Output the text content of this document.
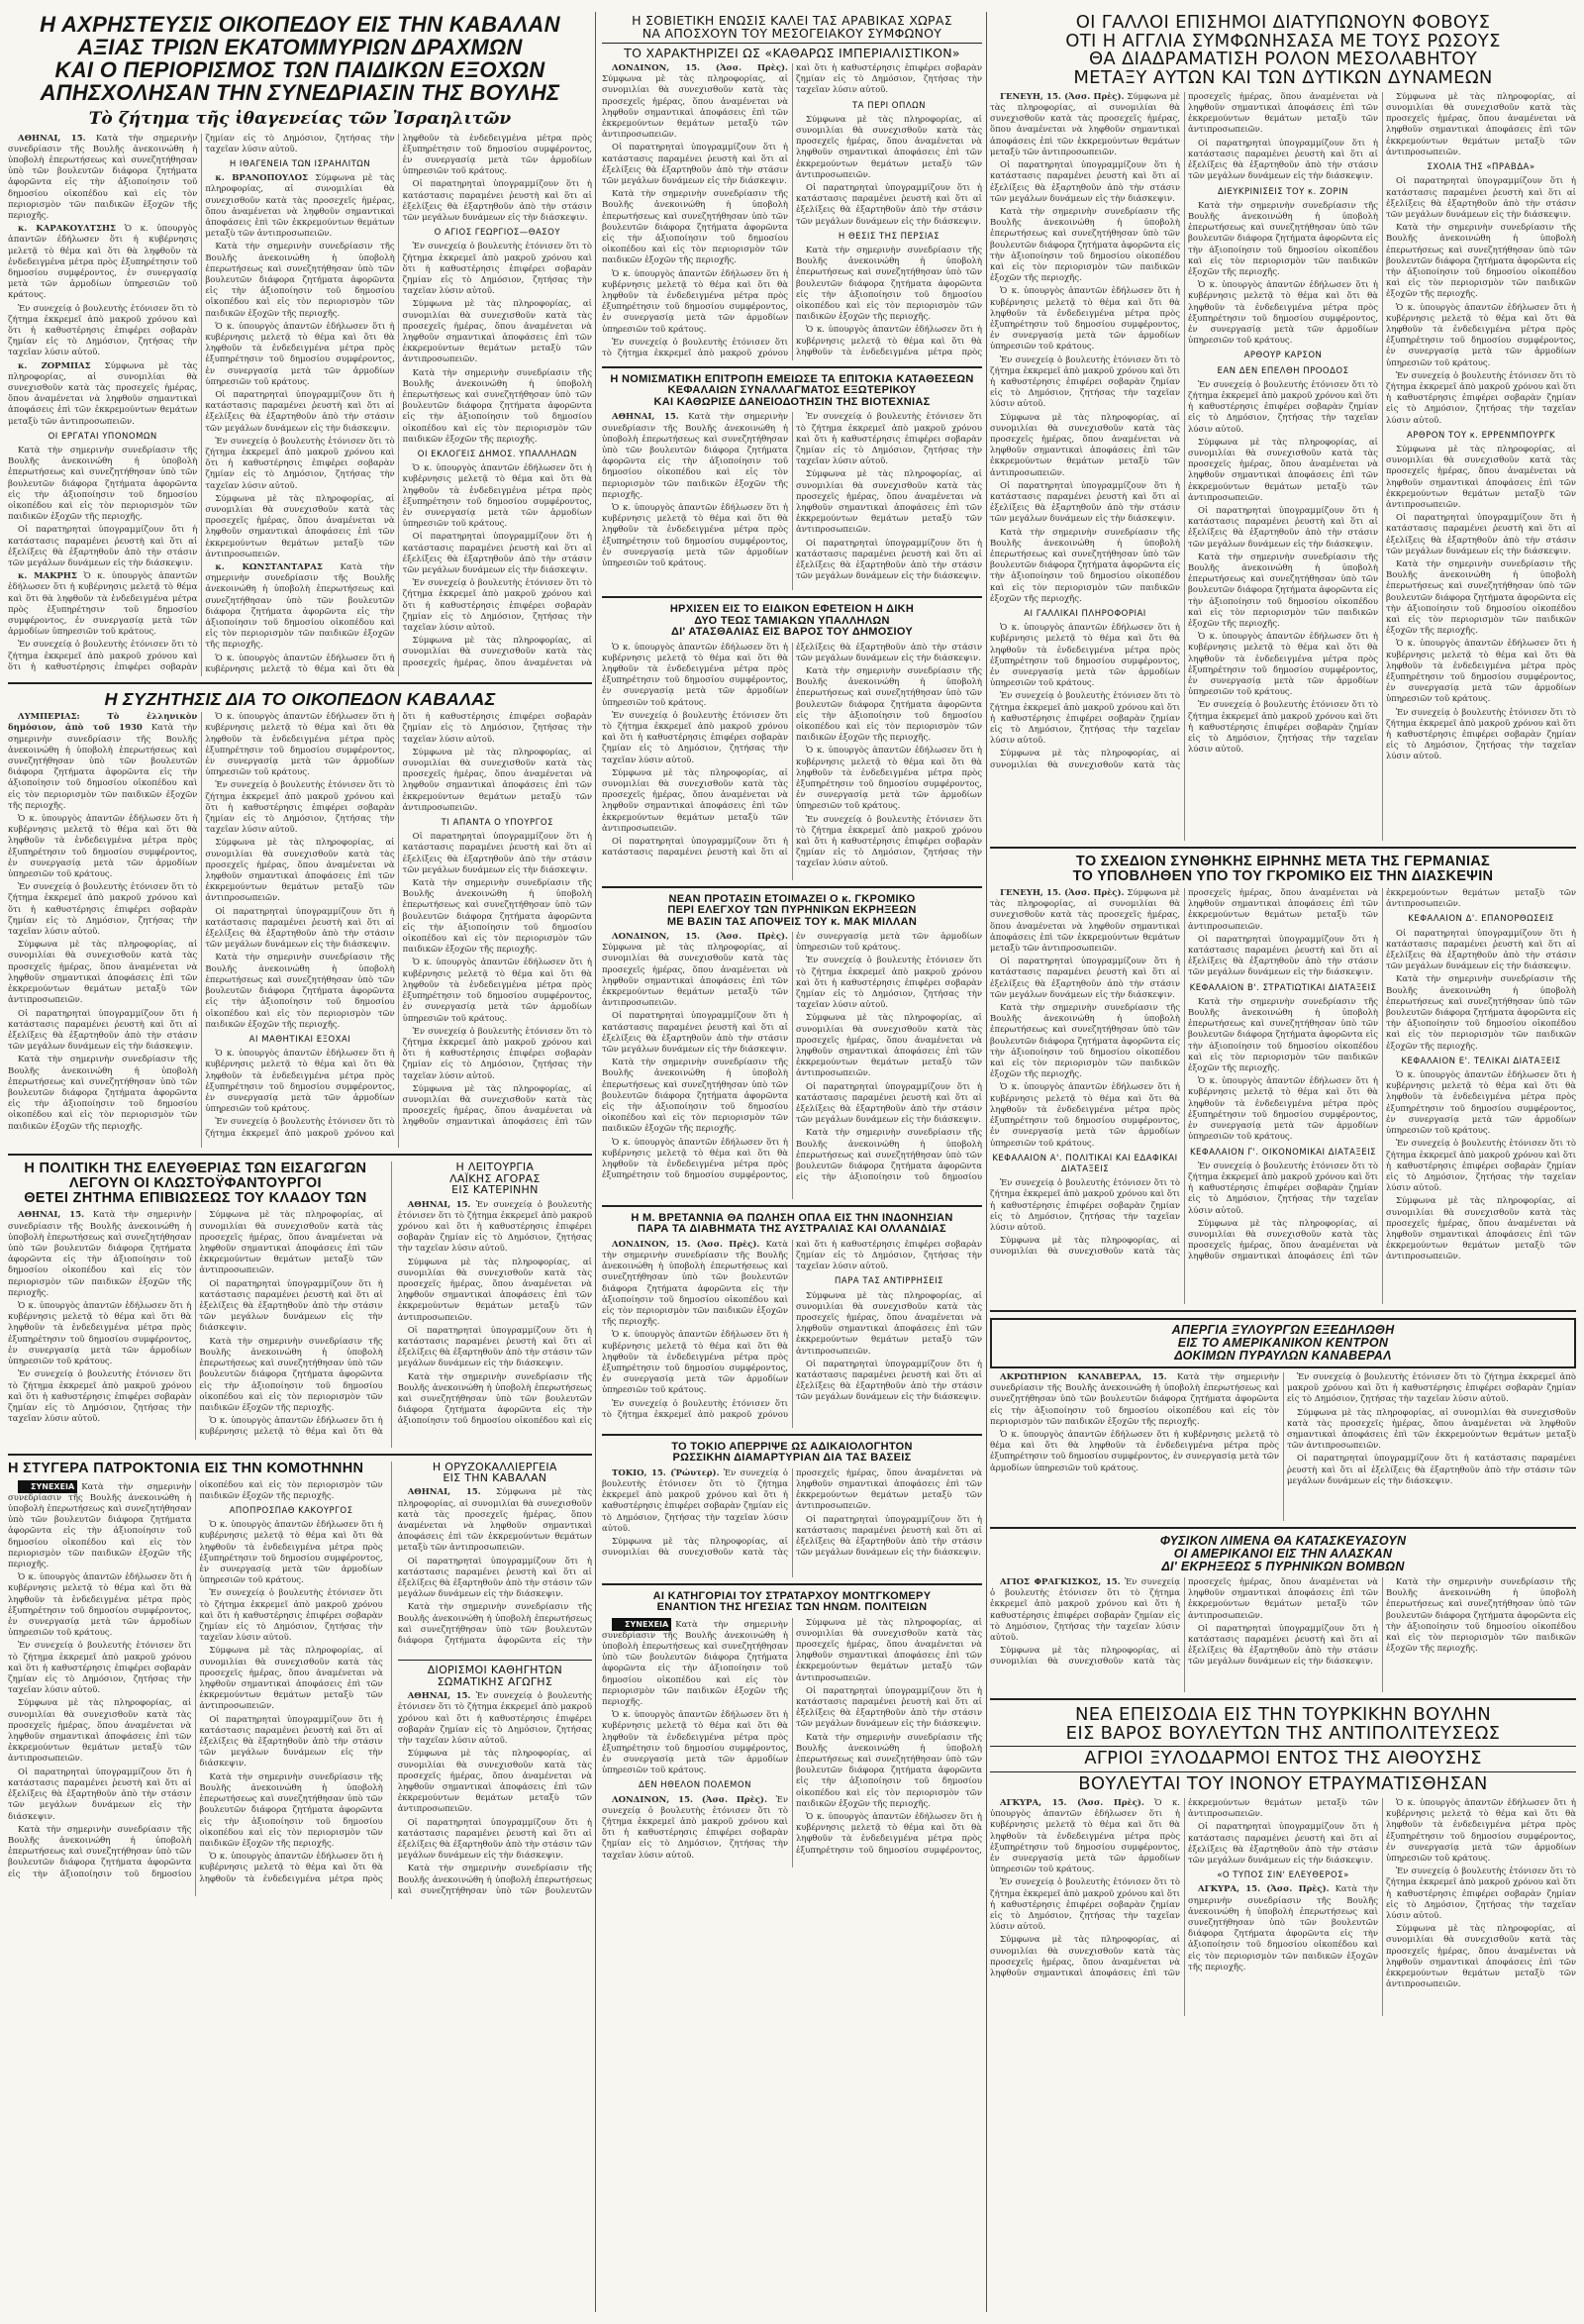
Η ΑΧΡΗΣΤΕΥΣΙΣ ΟΙΚΟΠΕΔΟΥ ΕΙΣ ΤΗΝ ΚΑΒΑΛΑΝ
ΑΞΙΑΣ ΤΡΙΩΝ ΕΚΑΤΟΜΜΥΡΙΩΝ ΔΡΑΧΜΩΝ
ΚΑΙ Ο ΠΕΡΙΟΡΙΣΜΟΣ ΤΩΝ ΠΑΙΔΙΚΩΝ ΕΞΟΧΩΝ
ΑΠΗΣΧΟΛΗΣΑΝ ΤΗΝ ΣΥΝΕΔΡΙΑΣΙΝ ΤΗΣ ΒΟΥΛΗΣ
Τὸ ζήτημα τῆς ἰθαγενείας τῶν Ἰσραηλιτῶν

ΑΘΗΝΑΙ, 15. Κατὰ τὴν σημερινὴν συνεδρίασιν τῆς Βουλῆς ἀνεκοινώθη ἡ ὑποβολὴ ἐπερωτήσεως καὶ συνεζητήθησαν ὑπὸ τῶν βουλευτῶν διάφορα ζητήματα ἀφορῶντα εἰς τὴν ἀξιοποίησιν τοῦ δημοσίου οἰκοπέδου καὶ εἰς τὸν περιορισμὸν τῶν παιδικῶν ἐξοχῶν τῆς περιοχῆς.

κ. ΚΑΡΑΚΟΥΛΤΣΗΣ Ὁ κ. ὑπουργὸς ἀπαντῶν ἐδήλωσεν ὅτι ἡ κυβέρνησις μελετᾷ τὸ θέμα καὶ ὅτι θὰ ληφθοῦν τὰ ἐνδεδειγμένα μέτρα πρὸς ἐξυπηρέτησιν τοῦ δημοσίου συμφέροντος, ἐν συνεργασίᾳ μετὰ τῶν ἁρμοδίων ὑπηρεσιῶν τοῦ κράτους.

Ἐν συνεχείᾳ ὁ βουλευτὴς ἐτόνισεν ὅτι τὸ ζήτημα ἐκκρεμεῖ ἀπὸ μακροῦ χρόνου καὶ ὅτι ἡ καθυστέρησις ἐπιφέρει σοβαρὰν ζημίαν εἰς τὸ Δημόσιον, ζητήσας τὴν ταχεῖαν λύσιν αὐτοῦ.

κ. ΖΟΡΜΠΑΣ Σύμφωνα μὲ τὰς πληροφορίας, αἱ συνομιλίαι θὰ συνεχισθοῦν κατὰ τὰς προσεχεῖς ἡμέρας, ὅπου ἀναμένεται νὰ ληφθοῦν σημαντικαὶ ἀποφάσεις ἐπὶ τῶν ἐκκρεμούντων θεμάτων μεταξὺ τῶν ἀντιπροσωπειῶν.

ΟΙ ΕΡΓΑΤΑΙ ΥΠΟΝΟΜΩΝ

Κατὰ τὴν σημερινὴν συνεδρίασιν τῆς Βουλῆς ἀνεκοινώθη ἡ ὑποβολὴ ἐπερωτήσεως καὶ συνεζητήθησαν ὑπὸ τῶν βουλευτῶν διάφορα ζητήματα ἀφορῶντα εἰς τὴν ἀξιοποίησιν τοῦ δημοσίου οἰκοπέδου καὶ εἰς τὸν περιορισμὸν τῶν παιδικῶν ἐξοχῶν τῆς περιοχῆς.

Οἱ παρατηρηταὶ ὑπογραμμίζουν ὅτι ἡ κατάστασις παραμένει ῥευστὴ καὶ ὅτι αἱ ἐξελίξεις θὰ ἐξαρτηθοῦν ἀπὸ τὴν στάσιν τῶν μεγάλων δυνάμεων εἰς τὴν διάσκεψιν.

κ. ΜΑΚΡΗΣ Ὁ κ. ὑπουργὸς ἀπαντῶν ἐδήλωσεν ὅτι ἡ κυβέρνησις μελετᾷ τὸ θέμα καὶ ὅτι θὰ ληφθοῦν τὰ ἐνδεδειγμένα μέτρα πρὸς ἐξυπηρέτησιν τοῦ δημοσίου συμφέροντος, ἐν συνεργασίᾳ μετὰ τῶν ἁρμοδίων ὑπηρεσιῶν τοῦ κράτους.

Ἐν συνεχείᾳ ὁ βουλευτὴς ἐτόνισεν ὅτι τὸ ζήτημα ἐκκρεμεῖ ἀπὸ μακροῦ χρόνου καὶ ὅτι ἡ καθυστέρησις ἐπιφέρει σοβαρὰν ζημίαν εἰς τὸ Δημόσιον, ζητήσας τὴν ταχεῖαν λύσιν αὐτοῦ.

Η ΙΘΑΓΕΝΕΙΑ ΤΩΝ ΙΣΡΑΗΛΙΤΩΝ

κ. ΒΡΑΝΟΠΟΥΛΟΣ Σύμφωνα μὲ τὰς πληροφορίας, αἱ συνομιλίαι θὰ συνεχισθοῦν κατὰ τὰς προσεχεῖς ἡμέρας, ὅπου ἀναμένεται νὰ ληφθοῦν σημαντικαὶ ἀποφάσεις ἐπὶ τῶν ἐκκρεμούντων θεμάτων μεταξὺ τῶν ἀντιπροσωπειῶν.

Κατὰ τὴν σημερινὴν συνεδρίασιν τῆς Βουλῆς ἀνεκοινώθη ἡ ὑποβολὴ ἐπερωτήσεως καὶ συνεζητήθησαν ὑπὸ τῶν βουλευτῶν διάφορα ζητήματα ἀφορῶντα εἰς τὴν ἀξιοποίησιν τοῦ δημοσίου οἰκοπέδου καὶ εἰς τὸν περιορισμὸν τῶν παιδικῶν ἐξοχῶν τῆς περιοχῆς.

Ὁ κ. ὑπουργὸς ἀπαντῶν ἐδήλωσεν ὅτι ἡ κυβέρνησις μελετᾷ τὸ θέμα καὶ ὅτι θὰ ληφθοῦν τὰ ἐνδεδειγμένα μέτρα πρὸς ἐξυπηρέτησιν τοῦ δημοσίου συμφέροντος, ἐν συνεργασίᾳ μετὰ τῶν ἁρμοδίων ὑπηρεσιῶν τοῦ κράτους.

Οἱ παρατηρηταὶ ὑπογραμμίζουν ὅτι ἡ κατάστασις παραμένει ῥευστὴ καὶ ὅτι αἱ ἐξελίξεις θὰ ἐξαρτηθοῦν ἀπὸ τὴν στάσιν τῶν μεγάλων δυνάμεων εἰς τὴν διάσκεψιν.

Ἐν συνεχείᾳ ὁ βουλευτὴς ἐτόνισεν ὅτι τὸ ζήτημα ἐκκρεμεῖ ἀπὸ μακροῦ χρόνου καὶ ὅτι ἡ καθυστέρησις ἐπιφέρει σοβαρὰν ζημίαν εἰς τὸ Δημόσιον, ζητήσας τὴν ταχεῖαν λύσιν αὐτοῦ.

Σύμφωνα μὲ τὰς πληροφορίας, αἱ συνομιλίαι θὰ συνεχισθοῦν κατὰ τὰς προσεχεῖς ἡμέρας, ὅπου ἀναμένεται νὰ ληφθοῦν σημαντικαὶ ἀποφάσεις ἐπὶ τῶν ἐκκρεμούντων θεμάτων μεταξὺ τῶν ἀντιπροσωπειῶν.

κ. ΚΩΝΣΤΑΝΤΑΡΑΣ Κατὰ τὴν σημερινὴν συνεδρίασιν τῆς Βουλῆς ἀνεκοινώθη ἡ ὑποβολὴ ἐπερωτήσεως καὶ συνεζητήθησαν ὑπὸ τῶν βουλευτῶν διάφορα ζητήματα ἀφορῶντα εἰς τὴν ἀξιοποίησιν τοῦ δημοσίου οἰκοπέδου καὶ εἰς τὸν περιορισμὸν τῶν παιδικῶν ἐξοχῶν τῆς περιοχῆς.

Ὁ κ. ὑπουργὸς ἀπαντῶν ἐδήλωσεν ὅτι ἡ κυβέρνησις μελετᾷ τὸ θέμα καὶ ὅτι θὰ ληφθοῦν τὰ ἐνδεδειγμένα μέτρα πρὸς ἐξυπηρέτησιν τοῦ δημοσίου συμφέροντος, ἐν συνεργασίᾳ μετὰ τῶν ἁρμοδίων ὑπηρεσιῶν τοῦ κράτους.

Οἱ παρατηρηταὶ ὑπογραμμίζουν ὅτι ἡ κατάστασις παραμένει ῥευστὴ καὶ ὅτι αἱ ἐξελίξεις θὰ ἐξαρτηθοῦν ἀπὸ τὴν στάσιν τῶν μεγάλων δυνάμεων εἰς τὴν διάσκεψιν.

Ο ΑΓΙΟΣ ΓΕΩΡΓΙΟΣ—ΘΑΣΟΥ

Ἐν συνεχείᾳ ὁ βουλευτὴς ἐτόνισεν ὅτι τὸ ζήτημα ἐκκρεμεῖ ἀπὸ μακροῦ χρόνου καὶ ὅτι ἡ καθυστέρησις ἐπιφέρει σοβαρὰν ζημίαν εἰς τὸ Δημόσιον, ζητήσας τὴν ταχεῖαν λύσιν αὐτοῦ.

Σύμφωνα μὲ τὰς πληροφορίας, αἱ συνομιλίαι θὰ συνεχισθοῦν κατὰ τὰς προσεχεῖς ἡμέρας, ὅπου ἀναμένεται νὰ ληφθοῦν σημαντικαὶ ἀποφάσεις ἐπὶ τῶν ἐκκρεμούντων θεμάτων μεταξὺ τῶν ἀντιπροσωπειῶν.

Κατὰ τὴν σημερινὴν συνεδρίασιν τῆς Βουλῆς ἀνεκοινώθη ἡ ὑποβολὴ ἐπερωτήσεως καὶ συνεζητήθησαν ὑπὸ τῶν βουλευτῶν διάφορα ζητήματα ἀφορῶντα εἰς τὴν ἀξιοποίησιν τοῦ δημοσίου οἰκοπέδου καὶ εἰς τὸν περιορισμὸν τῶν παιδικῶν ἐξοχῶν τῆς περιοχῆς.

ΟΙ ΕΚΛΟΓΕΙΣ ΔΗΜΟΣ. ΥΠΑΛΛΗΛΩΝ

Ὁ κ. ὑπουργὸς ἀπαντῶν ἐδήλωσεν ὅτι ἡ κυβέρνησις μελετᾷ τὸ θέμα καὶ ὅτι θὰ ληφθοῦν τὰ ἐνδεδειγμένα μέτρα πρὸς ἐξυπηρέτησιν τοῦ δημοσίου συμφέροντος, ἐν συνεργασίᾳ μετὰ τῶν ἁρμοδίων ὑπηρεσιῶν τοῦ κράτους.

Οἱ παρατηρηταὶ ὑπογραμμίζουν ὅτι ἡ κατάστασις παραμένει ῥευστὴ καὶ ὅτι αἱ ἐξελίξεις θὰ ἐξαρτηθοῦν ἀπὸ τὴν στάσιν τῶν μεγάλων δυνάμεων εἰς τὴν διάσκεψιν.

Ἐν συνεχείᾳ ὁ βουλευτὴς ἐτόνισεν ὅτι τὸ ζήτημα ἐκκρεμεῖ ἀπὸ μακροῦ χρόνου καὶ ὅτι ἡ καθυστέρησις ἐπιφέρει σοβαρὰν ζημίαν εἰς τὸ Δημόσιον, ζητήσας τὴν ταχεῖαν λύσιν αὐτοῦ.

Σύμφωνα μὲ τὰς πληροφορίας, αἱ συνομιλίαι θὰ συνεχισθοῦν κατὰ τὰς προσεχεῖς ἡμέρας, ὅπου ἀναμένεται νὰ

Η ΣΥΖΗΤΗΣΙΣ ΔΙΑ ΤΟ ΟΙΚΟΠΕΔΟΝ ΚΑΒΑΛΑΣ

ΛΥΜΠΕΡΙΑΣ: Τὸ ἑλληνικὸν δημόσιον, ἀπὸ τοῦ 1930 Κατὰ τὴν σημερινὴν συνεδρίασιν τῆς Βουλῆς ἀνεκοινώθη ἡ ὑποβολὴ ἐπερωτήσεως καὶ συνεζητήθησαν ὑπὸ τῶν βουλευτῶν διάφορα ζητήματα ἀφορῶντα εἰς τὴν ἀξιοποίησιν τοῦ δημοσίου οἰκοπέδου καὶ εἰς τὸν περιορισμὸν τῶν παιδικῶν ἐξοχῶν τῆς περιοχῆς.

Ὁ κ. ὑπουργὸς ἀπαντῶν ἐδήλωσεν ὅτι ἡ κυβέρνησις μελετᾷ τὸ θέμα καὶ ὅτι θὰ ληφθοῦν τὰ ἐνδεδειγμένα μέτρα πρὸς ἐξυπηρέτησιν τοῦ δημοσίου συμφέροντος, ἐν συνεργασίᾳ μετὰ τῶν ἁρμοδίων ὑπηρεσιῶν τοῦ κράτους.

Ἐν συνεχείᾳ ὁ βουλευτὴς ἐτόνισεν ὅτι τὸ ζήτημα ἐκκρεμεῖ ἀπὸ μακροῦ χρόνου καὶ ὅτι ἡ καθυστέρησις ἐπιφέρει σοβαρὰν ζημίαν εἰς τὸ Δημόσιον, ζητήσας τὴν ταχεῖαν λύσιν αὐτοῦ.

Σύμφωνα μὲ τὰς πληροφορίας, αἱ συνομιλίαι θὰ συνεχισθοῦν κατὰ τὰς προσεχεῖς ἡμέρας, ὅπου ἀναμένεται νὰ ληφθοῦν σημαντικαὶ ἀποφάσεις ἐπὶ τῶν ἐκκρεμούντων θεμάτων μεταξὺ τῶν ἀντιπροσωπειῶν.

Οἱ παρατηρηταὶ ὑπογραμμίζουν ὅτι ἡ κατάστασις παραμένει ῥευστὴ καὶ ὅτι αἱ ἐξελίξεις θὰ ἐξαρτηθοῦν ἀπὸ τὴν στάσιν τῶν μεγάλων δυνάμεων εἰς τὴν διάσκεψιν.

Κατὰ τὴν σημερινὴν συνεδρίασιν τῆς Βουλῆς ἀνεκοινώθη ἡ ὑποβολὴ ἐπερωτήσεως καὶ συνεζητήθησαν ὑπὸ τῶν βουλευτῶν διάφορα ζητήματα ἀφορῶντα εἰς τὴν ἀξιοποίησιν τοῦ δημοσίου οἰκοπέδου καὶ εἰς τὸν περιορισμὸν τῶν παιδικῶν ἐξοχῶν τῆς περιοχῆς.

Ὁ κ. ὑπουργὸς ἀπαντῶν ἐδήλωσεν ὅτι ἡ κυβέρνησις μελετᾷ τὸ θέμα καὶ ὅτι θὰ ληφθοῦν τὰ ἐνδεδειγμένα μέτρα πρὸς ἐξυπηρέτησιν τοῦ δημοσίου συμφέροντος, ἐν συνεργασίᾳ μετὰ τῶν ἁρμοδίων ὑπηρεσιῶν τοῦ κράτους.

Ἐν συνεχείᾳ ὁ βουλευτὴς ἐτόνισεν ὅτι τὸ ζήτημα ἐκκρεμεῖ ἀπὸ μακροῦ χρόνου καὶ ὅτι ἡ καθυστέρησις ἐπιφέρει σοβαρὰν ζημίαν εἰς τὸ Δημόσιον, ζητήσας τὴν ταχεῖαν λύσιν αὐτοῦ.

Σύμφωνα μὲ τὰς πληροφορίας, αἱ συνομιλίαι θὰ συνεχισθοῦν κατὰ τὰς προσεχεῖς ἡμέρας, ὅπου ἀναμένεται νὰ ληφθοῦν σημαντικαὶ ἀποφάσεις ἐπὶ τῶν ἐκκρεμούντων θεμάτων μεταξὺ τῶν ἀντιπροσωπειῶν.

Οἱ παρατηρηταὶ ὑπογραμμίζουν ὅτι ἡ κατάστασις παραμένει ῥευστὴ καὶ ὅτι αἱ ἐξελίξεις θὰ ἐξαρτηθοῦν ἀπὸ τὴν στάσιν τῶν μεγάλων δυνάμεων εἰς τὴν διάσκεψιν.

Κατὰ τὴν σημερινὴν συνεδρίασιν τῆς Βουλῆς ἀνεκοινώθη ἡ ὑποβολὴ ἐπερωτήσεως καὶ συνεζητήθησαν ὑπὸ τῶν βουλευτῶν διάφορα ζητήματα ἀφορῶντα εἰς τὴν ἀξιοποίησιν τοῦ δημοσίου οἰκοπέδου καὶ εἰς τὸν περιορισμὸν τῶν παιδικῶν ἐξοχῶν τῆς περιοχῆς.

ΑΙ ΜΑΘΗΤΙΚΑΙ ΕΞΟΧΑΙ

Ὁ κ. ὑπουργὸς ἀπαντῶν ἐδήλωσεν ὅτι ἡ κυβέρνησις μελετᾷ τὸ θέμα καὶ ὅτι θὰ ληφθοῦν τὰ ἐνδεδειγμένα μέτρα πρὸς ἐξυπηρέτησιν τοῦ δημοσίου συμφέροντος, ἐν συνεργασίᾳ μετὰ τῶν ἁρμοδίων ὑπηρεσιῶν τοῦ κράτους.

Ἐν συνεχείᾳ ὁ βουλευτὴς ἐτόνισεν ὅτι τὸ ζήτημα ἐκκρεμεῖ ἀπὸ μακροῦ χρόνου καὶ ὅτι ἡ καθυστέρησις ἐπιφέρει σοβαρὰν ζημίαν εἰς τὸ Δημόσιον, ζητήσας τὴν ταχεῖαν λύσιν αὐτοῦ.

Σύμφωνα μὲ τὰς πληροφορίας, αἱ συνομιλίαι θὰ συνεχισθοῦν κατὰ τὰς προσεχεῖς ἡμέρας, ὅπου ἀναμένεται νὰ ληφθοῦν σημαντικαὶ ἀποφάσεις ἐπὶ τῶν ἐκκρεμούντων θεμάτων μεταξὺ τῶν ἀντιπροσωπειῶν.

ΤΙ ΑΠΑΝΤΑ Ο ΥΠΟΥΡΓΟΣ

Οἱ παρατηρηταὶ ὑπογραμμίζουν ὅτι ἡ κατάστασις παραμένει ῥευστὴ καὶ ὅτι αἱ ἐξελίξεις θὰ ἐξαρτηθοῦν ἀπὸ τὴν στάσιν τῶν μεγάλων δυνάμεων εἰς τὴν διάσκεψιν.

Κατὰ τὴν σημερινὴν συνεδρίασιν τῆς Βουλῆς ἀνεκοινώθη ἡ ὑποβολὴ ἐπερωτήσεως καὶ συνεζητήθησαν ὑπὸ τῶν βουλευτῶν διάφορα ζητήματα ἀφορῶντα εἰς τὴν ἀξιοποίησιν τοῦ δημοσίου οἰκοπέδου καὶ εἰς τὸν περιορισμὸν τῶν παιδικῶν ἐξοχῶν τῆς περιοχῆς.

Ὁ κ. ὑπουργὸς ἀπαντῶν ἐδήλωσεν ὅτι ἡ κυβέρνησις μελετᾷ τὸ θέμα καὶ ὅτι θὰ ληφθοῦν τὰ ἐνδεδειγμένα μέτρα πρὸς ἐξυπηρέτησιν τοῦ δημοσίου συμφέροντος, ἐν συνεργασίᾳ μετὰ τῶν ἁρμοδίων ὑπηρεσιῶν τοῦ κράτους.

Ἐν συνεχείᾳ ὁ βουλευτὴς ἐτόνισεν ὅτι τὸ ζήτημα ἐκκρεμεῖ ἀπὸ μακροῦ χρόνου καὶ ὅτι ἡ καθυστέρησις ἐπιφέρει σοβαρὰν ζημίαν εἰς τὸ Δημόσιον, ζητήσας τὴν ταχεῖαν λύσιν αὐτοῦ.

Σύμφωνα μὲ τὰς πληροφορίας, αἱ συνομιλίαι θὰ συνεχισθοῦν κατὰ τὰς προσεχεῖς ἡμέρας, ὅπου ἀναμένεται νὰ ληφθοῦν σημαντικαὶ ἀποφάσεις ἐπὶ τῶν

Η ΠΟΛΙΤΙΚΗ ΤΗΣ ΕΛΕΥΘΕΡΙΑΣ ΤΩΝ ΕΙΣΑΓΩΓΩΝ
ΛΕΓΟΥΝ ΟΙ ΚΛΩΣΤΟΫΦΑΝΤΟΥΡΓΟΙ
ΘΕΤΕΙ ΖΗΤΗΜΑ ΕΠΙΒΙΩΣΕΩΣ ΤΟΥ ΚΛΑΔΟΥ ΤΩΝ

ΑΘΗΝΑΙ, 15. Κατὰ τὴν σημερινὴν συνεδρίασιν τῆς Βουλῆς ἀνεκοινώθη ἡ ὑποβολὴ ἐπερωτήσεως καὶ συνεζητήθησαν ὑπὸ τῶν βουλευτῶν διάφορα ζητήματα ἀφορῶντα εἰς τὴν ἀξιοποίησιν τοῦ δημοσίου οἰκοπέδου καὶ εἰς τὸν περιορισμὸν τῶν παιδικῶν ἐξοχῶν τῆς περιοχῆς.

Ὁ κ. ὑπουργὸς ἀπαντῶν ἐδήλωσεν ὅτι ἡ κυβέρνησις μελετᾷ τὸ θέμα καὶ ὅτι θὰ ληφθοῦν τὰ ἐνδεδειγμένα μέτρα πρὸς ἐξυπηρέτησιν τοῦ δημοσίου συμφέροντος, ἐν συνεργασίᾳ μετὰ τῶν ἁρμοδίων ὑπηρεσιῶν τοῦ κράτους.

Ἐν συνεχείᾳ ὁ βουλευτὴς ἐτόνισεν ὅτι τὸ ζήτημα ἐκκρεμεῖ ἀπὸ μακροῦ χρόνου καὶ ὅτι ἡ καθυστέρησις ἐπιφέρει σοβαρὰν ζημίαν εἰς τὸ Δημόσιον, ζητήσας τὴν ταχεῖαν λύσιν αὐτοῦ.

Σύμφωνα μὲ τὰς πληροφορίας, αἱ συνομιλίαι θὰ συνεχισθοῦν κατὰ τὰς προσεχεῖς ἡμέρας, ὅπου ἀναμένεται νὰ ληφθοῦν σημαντικαὶ ἀποφάσεις ἐπὶ τῶν ἐκκρεμούντων θεμάτων μεταξὺ τῶν ἀντιπροσωπειῶν.

Οἱ παρατηρηταὶ ὑπογραμμίζουν ὅτι ἡ κατάστασις παραμένει ῥευστὴ καὶ ὅτι αἱ ἐξελίξεις θὰ ἐξαρτηθοῦν ἀπὸ τὴν στάσιν τῶν μεγάλων δυνάμεων εἰς τὴν διάσκεψιν.

Κατὰ τὴν σημερινὴν συνεδρίασιν τῆς Βουλῆς ἀνεκοινώθη ἡ ὑποβολὴ ἐπερωτήσεως καὶ συνεζητήθησαν ὑπὸ τῶν βουλευτῶν διάφορα ζητήματα ἀφορῶντα εἰς τὴν ἀξιοποίησιν τοῦ δημοσίου οἰκοπέδου καὶ εἰς τὸν περιορισμὸν τῶν παιδικῶν ἐξοχῶν τῆς περιοχῆς.

Ὁ κ. ὑπουργὸς ἀπαντῶν ἐδήλωσεν ὅτι ἡ κυβέρνησις μελετᾷ τὸ θέμα καὶ ὅτι θὰ

Η ΛΕΙΤΟΥΡΓΙΑ
ΛΑΪΚΗΣ ΑΓΟΡΑΣ
ΕΙΣ ΚΑΤΕΡΙΝΗΝ

ΑΘΗΝΑΙ, 15. Ἐν συνεχείᾳ ὁ βουλευτὴς ἐτόνισεν ὅτι τὸ ζήτημα ἐκκρεμεῖ ἀπὸ μακροῦ χρόνου καὶ ὅτι ἡ καθυστέρησις ἐπιφέρει σοβαρὰν ζημίαν εἰς τὸ Δημόσιον, ζητήσας τὴν ταχεῖαν λύσιν αὐτοῦ.

Σύμφωνα μὲ τὰς πληροφορίας, αἱ συνομιλίαι θὰ συνεχισθοῦν κατὰ τὰς προσεχεῖς ἡμέρας, ὅπου ἀναμένεται νὰ ληφθοῦν σημαντικαὶ ἀποφάσεις ἐπὶ τῶν ἐκκρεμούντων θεμάτων μεταξὺ τῶν ἀντιπροσωπειῶν.

Οἱ παρατηρηταὶ ὑπογραμμίζουν ὅτι ἡ κατάστασις παραμένει ῥευστὴ καὶ ὅτι αἱ ἐξελίξεις θὰ ἐξαρτηθοῦν ἀπὸ τὴν στάσιν τῶν μεγάλων δυνάμεων εἰς τὴν διάσκεψιν.

Κατὰ τὴν σημερινὴν συνεδρίασιν τῆς Βουλῆς ἀνεκοινώθη ἡ ὑποβολὴ ἐπερωτήσεως καὶ συνεζητήθησαν ὑπὸ τῶν βουλευτῶν διάφορα ζητήματα ἀφορῶντα εἰς τὴν ἀξιοποίησιν τοῦ δημοσίου οἰκοπέδου καὶ εἰς

Η ΣΤΥΓΕΡΑ ΠΑΤΡΟΚΤΟΝΙΑ ΕΙΣ ΤΗΝ ΚΟΜΟΤΗΝΗΝ

ΣΥΝΕΧΕΙΑ Κατὰ τὴν σημερινὴν συνεδρίασιν τῆς Βουλῆς ἀνεκοινώθη ἡ ὑποβολὴ ἐπερωτήσεως καὶ συνεζητήθησαν ὑπὸ τῶν βουλευτῶν διάφορα ζητήματα ἀφορῶντα εἰς τὴν ἀξιοποίησιν τοῦ δημοσίου οἰκοπέδου καὶ εἰς τὸν περιορισμὸν τῶν παιδικῶν ἐξοχῶν τῆς περιοχῆς.

Ὁ κ. ὑπουργὸς ἀπαντῶν ἐδήλωσεν ὅτι ἡ κυβέρνησις μελετᾷ τὸ θέμα καὶ ὅτι θὰ ληφθοῦν τὰ ἐνδεδειγμένα μέτρα πρὸς ἐξυπηρέτησιν τοῦ δημοσίου συμφέροντος, ἐν συνεργασίᾳ μετὰ τῶν ἁρμοδίων ὑπηρεσιῶν τοῦ κράτους.

Ἐν συνεχείᾳ ὁ βουλευτὴς ἐτόνισεν ὅτι τὸ ζήτημα ἐκκρεμεῖ ἀπὸ μακροῦ χρόνου καὶ ὅτι ἡ καθυστέρησις ἐπιφέρει σοβαρὰν ζημίαν εἰς τὸ Δημόσιον, ζητήσας τὴν ταχεῖαν λύσιν αὐτοῦ.

Σύμφωνα μὲ τὰς πληροφορίας, αἱ συνομιλίαι θὰ συνεχισθοῦν κατὰ τὰς προσεχεῖς ἡμέρας, ὅπου ἀναμένεται νὰ ληφθοῦν σημαντικαὶ ἀποφάσεις ἐπὶ τῶν ἐκκρεμούντων θεμάτων μεταξὺ τῶν ἀντιπροσωπειῶν.

Οἱ παρατηρηταὶ ὑπογραμμίζουν ὅτι ἡ κατάστασις παραμένει ῥευστὴ καὶ ὅτι αἱ ἐξελίξεις θὰ ἐξαρτηθοῦν ἀπὸ τὴν στάσιν τῶν μεγάλων δυνάμεων εἰς τὴν διάσκεψιν.

Κατὰ τὴν σημερινὴν συνεδρίασιν τῆς Βουλῆς ἀνεκοινώθη ἡ ὑποβολὴ ἐπερωτήσεως καὶ συνεζητήθησαν ὑπὸ τῶν βουλευτῶν διάφορα ζητήματα ἀφορῶντα εἰς τὴν ἀξιοποίησιν τοῦ δημοσίου οἰκοπέδου καὶ εἰς τὸν περιορισμὸν τῶν παιδικῶν ἐξοχῶν τῆς περιοχῆς.

ΑΠΟΠΡΟΣΠΑΘ ΚΑΚΟΥΡΓΟΣ

Ὁ κ. ὑπουργὸς ἀπαντῶν ἐδήλωσεν ὅτι ἡ κυβέρνησις μελετᾷ τὸ θέμα καὶ ὅτι θὰ ληφθοῦν τὰ ἐνδεδειγμένα μέτρα πρὸς ἐξυπηρέτησιν τοῦ δημοσίου συμφέροντος, ἐν συνεργασίᾳ μετὰ τῶν ἁρμοδίων ὑπηρεσιῶν τοῦ κράτους.

Ἐν συνεχείᾳ ὁ βουλευτὴς ἐτόνισεν ὅτι τὸ ζήτημα ἐκκρεμεῖ ἀπὸ μακροῦ χρόνου καὶ ὅτι ἡ καθυστέρησις ἐπιφέρει σοβαρὰν ζημίαν εἰς τὸ Δημόσιον, ζητήσας τὴν ταχεῖαν λύσιν αὐτοῦ.

Σύμφωνα μὲ τὰς πληροφορίας, αἱ συνομιλίαι θὰ συνεχισθοῦν κατὰ τὰς προσεχεῖς ἡμέρας, ὅπου ἀναμένεται νὰ ληφθοῦν σημαντικαὶ ἀποφάσεις ἐπὶ τῶν ἐκκρεμούντων θεμάτων μεταξὺ τῶν ἀντιπροσωπειῶν.

Οἱ παρατηρηταὶ ὑπογραμμίζουν ὅτι ἡ κατάστασις παραμένει ῥευστὴ καὶ ὅτι αἱ ἐξελίξεις θὰ ἐξαρτηθοῦν ἀπὸ τὴν στάσιν τῶν μεγάλων δυνάμεων εἰς τὴν διάσκεψιν.

Κατὰ τὴν σημερινὴν συνεδρίασιν τῆς Βουλῆς ἀνεκοινώθη ἡ ὑποβολὴ ἐπερωτήσεως καὶ συνεζητήθησαν ὑπὸ τῶν βουλευτῶν διάφορα ζητήματα ἀφορῶντα εἰς τὴν ἀξιοποίησιν τοῦ δημοσίου οἰκοπέδου καὶ εἰς τὸν περιορισμὸν τῶν παιδικῶν ἐξοχῶν τῆς περιοχῆς.

Ὁ κ. ὑπουργὸς ἀπαντῶν ἐδήλωσεν ὅτι ἡ κυβέρνησις μελετᾷ τὸ θέμα καὶ ὅτι θὰ ληφθοῦν τὰ ἐνδεδειγμένα μέτρα πρὸς

Η ΟΡΥΖΟΚΑΛΛΙΕΡΓΕΙΑ
ΕΙΣ ΤΗΝ ΚΑΒΑΛΑΝ

ΑΘΗΝΑΙ, 15. Σύμφωνα μὲ τὰς πληροφορίας, αἱ συνομιλίαι θὰ συνεχισθοῦν κατὰ τὰς προσεχεῖς ἡμέρας, ὅπου ἀναμένεται νὰ ληφθοῦν σημαντικαὶ ἀποφάσεις ἐπὶ τῶν ἐκκρεμούντων θεμάτων μεταξὺ τῶν ἀντιπροσωπειῶν.

Οἱ παρατηρηταὶ ὑπογραμμίζουν ὅτι ἡ κατάστασις παραμένει ῥευστὴ καὶ ὅτι αἱ ἐξελίξεις θὰ ἐξαρτηθοῦν ἀπὸ τὴν στάσιν τῶν μεγάλων δυνάμεων εἰς τὴν διάσκεψιν.

Κατὰ τὴν σημερινὴν συνεδρίασιν τῆς Βουλῆς ἀνεκοινώθη ἡ ὑποβολὴ ἐπερωτήσεως καὶ συνεζητήθησαν ὑπὸ τῶν βουλευτῶν διάφορα ζητήματα ἀφορῶντα εἰς τὴν

ΔΙΟΡΙΣΜΟΙ ΚΑΘΗΓΗΤΩΝ
ΣΩΜΑΤΙΚΗΣ ΑΓΩΓΗΣ

ΑΘΗΝΑΙ, 15. Ἐν συνεχείᾳ ὁ βουλευτὴς ἐτόνισεν ὅτι τὸ ζήτημα ἐκκρεμεῖ ἀπὸ μακροῦ χρόνου καὶ ὅτι ἡ καθυστέρησις ἐπιφέρει σοβαρὰν ζημίαν εἰς τὸ Δημόσιον, ζητήσας τὴν ταχεῖαν λύσιν αὐτοῦ.

Σύμφωνα μὲ τὰς πληροφορίας, αἱ συνομιλίαι θὰ συνεχισθοῦν κατὰ τὰς προσεχεῖς ἡμέρας, ὅπου ἀναμένεται νὰ ληφθοῦν σημαντικαὶ ἀποφάσεις ἐπὶ τῶν ἐκκρεμούντων θεμάτων μεταξὺ τῶν ἀντιπροσωπειῶν.

Οἱ παρατηρηταὶ ὑπογραμμίζουν ὅτι ἡ κατάστασις παραμένει ῥευστὴ καὶ ὅτι αἱ ἐξελίξεις θὰ ἐξαρτηθοῦν ἀπὸ τὴν στάσιν τῶν μεγάλων δυνάμεων εἰς τὴν διάσκεψιν.

Κατὰ τὴν σημερινὴν συνεδρίασιν τῆς Βουλῆς ἀνεκοινώθη ἡ ὑποβολὴ ἐπερωτήσεως καὶ συνεζητήθησαν ὑπὸ τῶν βουλευτῶν

Η ΣΟΒΙΕΤΙΚΗ ΕΝΩΣΙΣ ΚΑΛΕΙ ΤΑΣ ΑΡΑΒΙΚΑΣ ΧΩΡΑΣ
ΝΑ ΑΠΟΣΧΟΥΝ ΤΟΥ ΜΕΣΟΓΕΙΑΚΟΥ ΣΥΜΦΩΝΟΥ
ΤΟ ΧΑΡΑΚΤΗΡΙΖΕΙ ΩΣ «ΚΑΘΑΡΩΣ ΙΜΠΕΡΙΑΛΙΣΤΙΚΟΝ»

ΛΟΝΔΙΝΟΝ, 15. (Ἀσσ. Πρὲς). Σύμφωνα μὲ τὰς πληροφορίας, αἱ συνομιλίαι θὰ συνεχισθοῦν κατὰ τὰς προσεχεῖς ἡμέρας, ὅπου ἀναμένεται νὰ ληφθοῦν σημαντικαὶ ἀποφάσεις ἐπὶ τῶν ἐκκρεμούντων θεμάτων μεταξὺ τῶν ἀντιπροσωπειῶν.

Οἱ παρατηρηταὶ ὑπογραμμίζουν ὅτι ἡ κατάστασις παραμένει ῥευστὴ καὶ ὅτι αἱ ἐξελίξεις θὰ ἐξαρτηθοῦν ἀπὸ τὴν στάσιν τῶν μεγάλων δυνάμεων εἰς τὴν διάσκεψιν.

Κατὰ τὴν σημερινὴν συνεδρίασιν τῆς Βουλῆς ἀνεκοινώθη ἡ ὑποβολὴ ἐπερωτήσεως καὶ συνεζητήθησαν ὑπὸ τῶν βουλευτῶν διάφορα ζητήματα ἀφορῶντα εἰς τὴν ἀξιοποίησιν τοῦ δημοσίου οἰκοπέδου καὶ εἰς τὸν περιορισμὸν τῶν παιδικῶν ἐξοχῶν τῆς περιοχῆς.

Ὁ κ. ὑπουργὸς ἀπαντῶν ἐδήλωσεν ὅτι ἡ κυβέρνησις μελετᾷ τὸ θέμα καὶ ὅτι θὰ ληφθοῦν τὰ ἐνδεδειγμένα μέτρα πρὸς ἐξυπηρέτησιν τοῦ δημοσίου συμφέροντος, ἐν συνεργασίᾳ μετὰ τῶν ἁρμοδίων ὑπηρεσιῶν τοῦ κράτους.

Ἐν συνεχείᾳ ὁ βουλευτὴς ἐτόνισεν ὅτι τὸ ζήτημα ἐκκρεμεῖ ἀπὸ μακροῦ χρόνου καὶ ὅτι ἡ καθυστέρησις ἐπιφέρει σοβαρὰν ζημίαν εἰς τὸ Δημόσιον, ζητήσας τὴν ταχεῖαν λύσιν αὐτοῦ.

ΤΑ ΠΕΡΙ ΟΠΛΩΝ

Σύμφωνα μὲ τὰς πληροφορίας, αἱ συνομιλίαι θὰ συνεχισθοῦν κατὰ τὰς προσεχεῖς ἡμέρας, ὅπου ἀναμένεται νὰ ληφθοῦν σημαντικαὶ ἀποφάσεις ἐπὶ τῶν ἐκκρεμούντων θεμάτων μεταξὺ τῶν ἀντιπροσωπειῶν.

Οἱ παρατηρηταὶ ὑπογραμμίζουν ὅτι ἡ κατάστασις παραμένει ῥευστὴ καὶ ὅτι αἱ ἐξελίξεις θὰ ἐξαρτηθοῦν ἀπὸ τὴν στάσιν τῶν μεγάλων δυνάμεων εἰς τὴν διάσκεψιν.

Η ΘΕΣΙΣ ΤΗΣ ΠΕΡΣΙΑΣ

Κατὰ τὴν σημερινὴν συνεδρίασιν τῆς Βουλῆς ἀνεκοινώθη ἡ ὑποβολὴ ἐπερωτήσεως καὶ συνεζητήθησαν ὑπὸ τῶν βουλευτῶν διάφορα ζητήματα ἀφορῶντα εἰς τὴν ἀξιοποίησιν τοῦ δημοσίου οἰκοπέδου καὶ εἰς τὸν περιορισμὸν τῶν παιδικῶν ἐξοχῶν τῆς περιοχῆς.

Ὁ κ. ὑπουργὸς ἀπαντῶν ἐδήλωσεν ὅτι ἡ κυβέρνησις μελετᾷ τὸ θέμα καὶ ὅτι θὰ ληφθοῦν τὰ ἐνδεδειγμένα μέτρα πρὸς

Η ΝΟΜΙΣΜΑΤΙΚΗ ΕΠΙΤΡΟΠΗ ΕΜΕΙΩΣΕ ΤΑ ΕΠΙΤΟΚΙΑ ΚΑΤΑΘΕΣΕΩΝ
ΚΕΦΑΛΑΙΩΝ ΣΥΝΑΛΛΑΓΜΑΤΟΣ ΕΞΩΤΕΡΙΚΟΥ
ΚΑΙ ΚΑΘΩΡΙΣΕ ΔΑΝΕΙΟΔΟΤΗΣΙΝ ΤΗΣ ΒΙΟΤΕΧΝΙΑΣ

ΑΘΗΝΑΙ, 15. Κατὰ τὴν σημερινὴν συνεδρίασιν τῆς Βουλῆς ἀνεκοινώθη ἡ ὑποβολὴ ἐπερωτήσεως καὶ συνεζητήθησαν ὑπὸ τῶν βουλευτῶν διάφορα ζητήματα ἀφορῶντα εἰς τὴν ἀξιοποίησιν τοῦ δημοσίου οἰκοπέδου καὶ εἰς τὸν περιορισμὸν τῶν παιδικῶν ἐξοχῶν τῆς περιοχῆς.

Ὁ κ. ὑπουργὸς ἀπαντῶν ἐδήλωσεν ὅτι ἡ κυβέρνησις μελετᾷ τὸ θέμα καὶ ὅτι θὰ ληφθοῦν τὰ ἐνδεδειγμένα μέτρα πρὸς ἐξυπηρέτησιν τοῦ δημοσίου συμφέροντος, ἐν συνεργασίᾳ μετὰ τῶν ἁρμοδίων ὑπηρεσιῶν τοῦ κράτους.

Ἐν συνεχείᾳ ὁ βουλευτὴς ἐτόνισεν ὅτι τὸ ζήτημα ἐκκρεμεῖ ἀπὸ μακροῦ χρόνου καὶ ὅτι ἡ καθυστέρησις ἐπιφέρει σοβαρὰν ζημίαν εἰς τὸ Δημόσιον, ζητήσας τὴν ταχεῖαν λύσιν αὐτοῦ.

Σύμφωνα μὲ τὰς πληροφορίας, αἱ συνομιλίαι θὰ συνεχισθοῦν κατὰ τὰς προσεχεῖς ἡμέρας, ὅπου ἀναμένεται νὰ ληφθοῦν σημαντικαὶ ἀποφάσεις ἐπὶ τῶν ἐκκρεμούντων θεμάτων μεταξὺ τῶν ἀντιπροσωπειῶν.

Οἱ παρατηρηταὶ ὑπογραμμίζουν ὅτι ἡ κατάστασις παραμένει ῥευστὴ καὶ ὅτι αἱ ἐξελίξεις θὰ ἐξαρτηθοῦν ἀπὸ τὴν στάσιν τῶν μεγάλων δυνάμεων εἰς τὴν διάσκεψιν.

ΗΡΧΙΣΕΝ ΕΙΣ ΤΟ ΕΙΔΙΚΟΝ ΕΦΕΤΕΙΟΝ Η ΔΙΚΗ
ΔΥΟ ΤΕΩΣ ΤΑΜΙΑΚΩΝ ΥΠΑΛΛΗΛΩΝ
ΔΙ' ΑΤΑΣΘΑΛΙΑΣ ΕΙΣ ΒΑΡΟΣ ΤΟΥ ΔΗΜΟΣΙΟΥ

Ὁ κ. ὑπουργὸς ἀπαντῶν ἐδήλωσεν ὅτι ἡ κυβέρνησις μελετᾷ τὸ θέμα καὶ ὅτι θὰ ληφθοῦν τὰ ἐνδεδειγμένα μέτρα πρὸς ἐξυπηρέτησιν τοῦ δημοσίου συμφέροντος, ἐν συνεργασίᾳ μετὰ τῶν ἁρμοδίων ὑπηρεσιῶν τοῦ κράτους.

Ἐν συνεχείᾳ ὁ βουλευτὴς ἐτόνισεν ὅτι τὸ ζήτημα ἐκκρεμεῖ ἀπὸ μακροῦ χρόνου καὶ ὅτι ἡ καθυστέρησις ἐπιφέρει σοβαρὰν ζημίαν εἰς τὸ Δημόσιον, ζητήσας τὴν ταχεῖαν λύσιν αὐτοῦ.

Σύμφωνα μὲ τὰς πληροφορίας, αἱ συνομιλίαι θὰ συνεχισθοῦν κατὰ τὰς προσεχεῖς ἡμέρας, ὅπου ἀναμένεται νὰ ληφθοῦν σημαντικαὶ ἀποφάσεις ἐπὶ τῶν ἐκκρεμούντων θεμάτων μεταξὺ τῶν ἀντιπροσωπειῶν.

Οἱ παρατηρηταὶ ὑπογραμμίζουν ὅτι ἡ κατάστασις παραμένει ῥευστὴ καὶ ὅτι αἱ ἐξελίξεις θὰ ἐξαρτηθοῦν ἀπὸ τὴν στάσιν τῶν μεγάλων δυνάμεων εἰς τὴν διάσκεψιν.

Κατὰ τὴν σημερινὴν συνεδρίασιν τῆς Βουλῆς ἀνεκοινώθη ἡ ὑποβολὴ ἐπερωτήσεως καὶ συνεζητήθησαν ὑπὸ τῶν βουλευτῶν διάφορα ζητήματα ἀφορῶντα εἰς τὴν ἀξιοποίησιν τοῦ δημοσίου οἰκοπέδου καὶ εἰς τὸν περιορισμὸν τῶν παιδικῶν ἐξοχῶν τῆς περιοχῆς.

Ὁ κ. ὑπουργὸς ἀπαντῶν ἐδήλωσεν ὅτι ἡ κυβέρνησις μελετᾷ τὸ θέμα καὶ ὅτι θὰ ληφθοῦν τὰ ἐνδεδειγμένα μέτρα πρὸς ἐξυπηρέτησιν τοῦ δημοσίου συμφέροντος, ἐν συνεργασίᾳ μετὰ τῶν ἁρμοδίων ὑπηρεσιῶν τοῦ κράτους.

Ἐν συνεχείᾳ ὁ βουλευτὴς ἐτόνισεν ὅτι τὸ ζήτημα ἐκκρεμεῖ ἀπὸ μακροῦ χρόνου καὶ ὅτι ἡ καθυστέρησις ἐπιφέρει σοβαρὰν ζημίαν εἰς τὸ Δημόσιον, ζητήσας τὴν ταχεῖαν λύσιν αὐτοῦ.

ΝΕΑΝ ΠΡΟΤΑΣΙΝ ΕΤΟΙΜΑΖΕΙ Ο κ. ΓΚΡΟΜΙΚΟ
ΠΕΡΙ ΕΛΕΓΧΟΥ ΤΩΝ ΠΥΡΗΝΙΚΩΝ ΕΚΡΗΞΕΩΝ
ΜΕ ΒΑΣΙΝ ΤΑΣ ΑΠΟΨΕΙΣ ΤΟΥ κ. ΜΑΚ ΜΙΛΛΑΝ

ΛΟΝΔΙΝΟΝ, 15. (Ἀσσ. Πρὲς). Σύμφωνα μὲ τὰς πληροφορίας, αἱ συνομιλίαι θὰ συνεχισθοῦν κατὰ τὰς προσεχεῖς ἡμέρας, ὅπου ἀναμένεται νὰ ληφθοῦν σημαντικαὶ ἀποφάσεις ἐπὶ τῶν ἐκκρεμούντων θεμάτων μεταξὺ τῶν ἀντιπροσωπειῶν.

Οἱ παρατηρηταὶ ὑπογραμμίζουν ὅτι ἡ κατάστασις παραμένει ῥευστὴ καὶ ὅτι αἱ ἐξελίξεις θὰ ἐξαρτηθοῦν ἀπὸ τὴν στάσιν τῶν μεγάλων δυνάμεων εἰς τὴν διάσκεψιν.

Κατὰ τὴν σημερινὴν συνεδρίασιν τῆς Βουλῆς ἀνεκοινώθη ἡ ὑποβολὴ ἐπερωτήσεως καὶ συνεζητήθησαν ὑπὸ τῶν βουλευτῶν διάφορα ζητήματα ἀφορῶντα εἰς τὴν ἀξιοποίησιν τοῦ δημοσίου οἰκοπέδου καὶ εἰς τὸν περιορισμὸν τῶν παιδικῶν ἐξοχῶν τῆς περιοχῆς.

Ὁ κ. ὑπουργὸς ἀπαντῶν ἐδήλωσεν ὅτι ἡ κυβέρνησις μελετᾷ τὸ θέμα καὶ ὅτι θὰ ληφθοῦν τὰ ἐνδεδειγμένα μέτρα πρὸς ἐξυπηρέτησιν τοῦ δημοσίου συμφέροντος, ἐν συνεργασίᾳ μετὰ τῶν ἁρμοδίων ὑπηρεσιῶν τοῦ κράτους.

Ἐν συνεχείᾳ ὁ βουλευτὴς ἐτόνισεν ὅτι τὸ ζήτημα ἐκκρεμεῖ ἀπὸ μακροῦ χρόνου καὶ ὅτι ἡ καθυστέρησις ἐπιφέρει σοβαρὰν ζημίαν εἰς τὸ Δημόσιον, ζητήσας τὴν ταχεῖαν λύσιν αὐτοῦ.

Σύμφωνα μὲ τὰς πληροφορίας, αἱ συνομιλίαι θὰ συνεχισθοῦν κατὰ τὰς προσεχεῖς ἡμέρας, ὅπου ἀναμένεται νὰ ληφθοῦν σημαντικαὶ ἀποφάσεις ἐπὶ τῶν ἐκκρεμούντων θεμάτων μεταξὺ τῶν ἀντιπροσωπειῶν.

Οἱ παρατηρηταὶ ὑπογραμμίζουν ὅτι ἡ κατάστασις παραμένει ῥευστὴ καὶ ὅτι αἱ ἐξελίξεις θὰ ἐξαρτηθοῦν ἀπὸ τὴν στάσιν τῶν μεγάλων δυνάμεων εἰς τὴν διάσκεψιν.

Κατὰ τὴν σημερινὴν συνεδρίασιν τῆς Βουλῆς ἀνεκοινώθη ἡ ὑποβολὴ ἐπερωτήσεως καὶ συνεζητήθησαν ὑπὸ τῶν βουλευτῶν διάφορα ζητήματα ἀφορῶντα εἰς τὴν ἀξιοποίησιν τοῦ δημοσίου

Η Μ. ΒΡΕΤΑΝΝΙΑ ΘΑ ΠΩΛΗΣΗ ΟΠΛΑ ΕΙΣ ΤΗΝ ΙΝΔΟΝΗΣΙΑΝ
ΠΑΡΑ ΤΑ ΔΙΑΒΗΜΑΤΑ ΤΗΣ ΑΥΣΤΡΑΛΙΑΣ ΚΑΙ ΟΛΛΑΝΔΙΑΣ

ΛΟΝΔΙΝΟΝ, 15. (Ἀσσ. Πρὲς). Κατὰ τὴν σημερινὴν συνεδρίασιν τῆς Βουλῆς ἀνεκοινώθη ἡ ὑποβολὴ ἐπερωτήσεως καὶ συνεζητήθησαν ὑπὸ τῶν βουλευτῶν διάφορα ζητήματα ἀφορῶντα εἰς τὴν ἀξιοποίησιν τοῦ δημοσίου οἰκοπέδου καὶ εἰς τὸν περιορισμὸν τῶν παιδικῶν ἐξοχῶν τῆς περιοχῆς.

Ὁ κ. ὑπουργὸς ἀπαντῶν ἐδήλωσεν ὅτι ἡ κυβέρνησις μελετᾷ τὸ θέμα καὶ ὅτι θὰ ληφθοῦν τὰ ἐνδεδειγμένα μέτρα πρὸς ἐξυπηρέτησιν τοῦ δημοσίου συμφέροντος, ἐν συνεργασίᾳ μετὰ τῶν ἁρμοδίων ὑπηρεσιῶν τοῦ κράτους.

Ἐν συνεχείᾳ ὁ βουλευτὴς ἐτόνισεν ὅτι τὸ ζήτημα ἐκκρεμεῖ ἀπὸ μακροῦ χρόνου καὶ ὅτι ἡ καθυστέρησις ἐπιφέρει σοβαρὰν ζημίαν εἰς τὸ Δημόσιον, ζητήσας τὴν ταχεῖαν λύσιν αὐτοῦ.

ΠΑΡΑ ΤΑΣ ΑΝΤΙΡΡΗΣΕΙΣ

Σύμφωνα μὲ τὰς πληροφορίας, αἱ συνομιλίαι θὰ συνεχισθοῦν κατὰ τὰς προσεχεῖς ἡμέρας, ὅπου ἀναμένεται νὰ ληφθοῦν σημαντικαὶ ἀποφάσεις ἐπὶ τῶν ἐκκρεμούντων θεμάτων μεταξὺ τῶν ἀντιπροσωπειῶν.

Οἱ παρατηρηταὶ ὑπογραμμίζουν ὅτι ἡ κατάστασις παραμένει ῥευστὴ καὶ ὅτι αἱ ἐξελίξεις θὰ ἐξαρτηθοῦν ἀπὸ τὴν στάσιν τῶν μεγάλων δυνάμεων εἰς τὴν διάσκεψιν.

ΤΟ ΤΟΚΙΟ ΑΠΕΡΡΙΨΕ ΩΣ ΑΔΙΚΑΙΟΛΟΓΗΤΟΝ
ΡΩΣΣΙΚΗΝ ΔΙΑΜΑΡΤΥΡΙΑΝ ΔΙΑ ΤΑΣ ΒΑΣΕΙΣ

ΤΟΚΙΟ, 15. (Ῥώυτερ). Ἐν συνεχείᾳ ὁ βουλευτὴς ἐτόνισεν ὅτι τὸ ζήτημα ἐκκρεμεῖ ἀπὸ μακροῦ χρόνου καὶ ὅτι ἡ καθυστέρησις ἐπιφέρει σοβαρὰν ζημίαν εἰς τὸ Δημόσιον, ζητήσας τὴν ταχεῖαν λύσιν αὐτοῦ.

Σύμφωνα μὲ τὰς πληροφορίας, αἱ συνομιλίαι θὰ συνεχισθοῦν κατὰ τὰς προσεχεῖς ἡμέρας, ὅπου ἀναμένεται νὰ ληφθοῦν σημαντικαὶ ἀποφάσεις ἐπὶ τῶν ἐκκρεμούντων θεμάτων μεταξὺ τῶν ἀντιπροσωπειῶν.

Οἱ παρατηρηταὶ ὑπογραμμίζουν ὅτι ἡ κατάστασις παραμένει ῥευστὴ καὶ ὅτι αἱ ἐξελίξεις θὰ ἐξαρτηθοῦν ἀπὸ τὴν στάσιν τῶν μεγάλων δυνάμεων εἰς τὴν διάσκεψιν.

ΑΙ ΚΑΤΗΓΟΡΙΑΙ ΤΟΥ ΣΤΡΑΤΑΡΧΟΥ ΜΟΝΤΓΚΟΜΕΡΥ
ΕΝΑΝΤΙΟΝ ΤΗΣ ΗΓΕΣΙΑΣ ΤΩΝ ΗΝΩΜ. ΠΟΛΙΤΕΙΩΝ

ΣΥΝΕΧΕΙΑ Κατὰ τὴν σημερινὴν συνεδρίασιν τῆς Βουλῆς ἀνεκοινώθη ἡ ὑποβολὴ ἐπερωτήσεως καὶ συνεζητήθησαν ὑπὸ τῶν βουλευτῶν διάφορα ζητήματα ἀφορῶντα εἰς τὴν ἀξιοποίησιν τοῦ δημοσίου οἰκοπέδου καὶ εἰς τὸν περιορισμὸν τῶν παιδικῶν ἐξοχῶν τῆς περιοχῆς.

Ὁ κ. ὑπουργὸς ἀπαντῶν ἐδήλωσεν ὅτι ἡ κυβέρνησις μελετᾷ τὸ θέμα καὶ ὅτι θὰ ληφθοῦν τὰ ἐνδεδειγμένα μέτρα πρὸς ἐξυπηρέτησιν τοῦ δημοσίου συμφέροντος, ἐν συνεργασίᾳ μετὰ τῶν ἁρμοδίων ὑπηρεσιῶν τοῦ κράτους.

ΔΕΝ ΗΘΕΛΟΝ ΠΟΛΕΜΟΝ

ΛΟΝΔΙΝΟΝ, 15. (Ἀσσ. Πρὲς). Ἐν συνεχείᾳ ὁ βουλευτὴς ἐτόνισεν ὅτι τὸ ζήτημα ἐκκρεμεῖ ἀπὸ μακροῦ χρόνου καὶ ὅτι ἡ καθυστέρησις ἐπιφέρει σοβαρὰν ζημίαν εἰς τὸ Δημόσιον, ζητήσας τὴν ταχεῖαν λύσιν αὐτοῦ.

Σύμφωνα μὲ τὰς πληροφορίας, αἱ συνομιλίαι θὰ συνεχισθοῦν κατὰ τὰς προσεχεῖς ἡμέρας, ὅπου ἀναμένεται νὰ ληφθοῦν σημαντικαὶ ἀποφάσεις ἐπὶ τῶν ἐκκρεμούντων θεμάτων μεταξὺ τῶν ἀντιπροσωπειῶν.

Οἱ παρατηρηταὶ ὑπογραμμίζουν ὅτι ἡ κατάστασις παραμένει ῥευστὴ καὶ ὅτι αἱ ἐξελίξεις θὰ ἐξαρτηθοῦν ἀπὸ τὴν στάσιν τῶν μεγάλων δυνάμεων εἰς τὴν διάσκεψιν.

Κατὰ τὴν σημερινὴν συνεδρίασιν τῆς Βουλῆς ἀνεκοινώθη ἡ ὑποβολὴ ἐπερωτήσεως καὶ συνεζητήθησαν ὑπὸ τῶν βουλευτῶν διάφορα ζητήματα ἀφορῶντα εἰς τὴν ἀξιοποίησιν τοῦ δημοσίου οἰκοπέδου καὶ εἰς τὸν περιορισμὸν τῶν παιδικῶν ἐξοχῶν τῆς περιοχῆς.

Ὁ κ. ὑπουργὸς ἀπαντῶν ἐδήλωσεν ὅτι ἡ κυβέρνησις μελετᾷ τὸ θέμα καὶ ὅτι θὰ ληφθοῦν τὰ ἐνδεδειγμένα μέτρα πρὸς ἐξυπηρέτησιν τοῦ δημοσίου συμφέροντος,

ΟΙ ΓΑΛΛΟΙ ΕΠΙΣΗΜΟΙ ΔΙΑΤΥΠΩΝΟΥΝ ΦΟΒΟΥΣ
ΟΤΙ Η ΑΓΓΛΙΑ ΣΥΜΦΩΝΗΣΑΣΑ ΜΕ ΤΟΥΣ ΡΩΣΟΥΣ
ΘΑ ΔΙΑΔΡΑΜΑΤΙΣΗ ΡΟΛΟΝ ΜΕΣΟΛΑΒΗΤΟΥ
ΜΕΤΑΞΥ ΑΥΤΩΝ ΚΑΙ ΤΩΝ ΔΥΤΙΚΩΝ ΔΥΝΑΜΕΩΝ

ΓΕΝΕΥΗ, 15. (Ἀσσ. Πρὲς). Σύμφωνα μὲ τὰς πληροφορίας, αἱ συνομιλίαι θὰ συνεχισθοῦν κατὰ τὰς προσεχεῖς ἡμέρας, ὅπου ἀναμένεται νὰ ληφθοῦν σημαντικαὶ ἀποφάσεις ἐπὶ τῶν ἐκκρεμούντων θεμάτων μεταξὺ τῶν ἀντιπροσωπειῶν.

Οἱ παρατηρηταὶ ὑπογραμμίζουν ὅτι ἡ κατάστασις παραμένει ῥευστὴ καὶ ὅτι αἱ ἐξελίξεις θὰ ἐξαρτηθοῦν ἀπὸ τὴν στάσιν τῶν μεγάλων δυνάμεων εἰς τὴν διάσκεψιν.

Κατὰ τὴν σημερινὴν συνεδρίασιν τῆς Βουλῆς ἀνεκοινώθη ἡ ὑποβολὴ ἐπερωτήσεως καὶ συνεζητήθησαν ὑπὸ τῶν βουλευτῶν διάφορα ζητήματα ἀφορῶντα εἰς τὴν ἀξιοποίησιν τοῦ δημοσίου οἰκοπέδου καὶ εἰς τὸν περιορισμὸν τῶν παιδικῶν ἐξοχῶν τῆς περιοχῆς.

Ὁ κ. ὑπουργὸς ἀπαντῶν ἐδήλωσεν ὅτι ἡ κυβέρνησις μελετᾷ τὸ θέμα καὶ ὅτι θὰ ληφθοῦν τὰ ἐνδεδειγμένα μέτρα πρὸς ἐξυπηρέτησιν τοῦ δημοσίου συμφέροντος, ἐν συνεργασίᾳ μετὰ τῶν ἁρμοδίων ὑπηρεσιῶν τοῦ κράτους.

Ἐν συνεχείᾳ ὁ βουλευτὴς ἐτόνισεν ὅτι τὸ ζήτημα ἐκκρεμεῖ ἀπὸ μακροῦ χρόνου καὶ ὅτι ἡ καθυστέρησις ἐπιφέρει σοβαρὰν ζημίαν εἰς τὸ Δημόσιον, ζητήσας τὴν ταχεῖαν λύσιν αὐτοῦ.

Σύμφωνα μὲ τὰς πληροφορίας, αἱ συνομιλίαι θὰ συνεχισθοῦν κατὰ τὰς προσεχεῖς ἡμέρας, ὅπου ἀναμένεται νὰ ληφθοῦν σημαντικαὶ ἀποφάσεις ἐπὶ τῶν ἐκκρεμούντων θεμάτων μεταξὺ τῶν ἀντιπροσωπειῶν.

Οἱ παρατηρηταὶ ὑπογραμμίζουν ὅτι ἡ κατάστασις παραμένει ῥευστὴ καὶ ὅτι αἱ ἐξελίξεις θὰ ἐξαρτηθοῦν ἀπὸ τὴν στάσιν τῶν μεγάλων δυνάμεων εἰς τὴν διάσκεψιν.

Κατὰ τὴν σημερινὴν συνεδρίασιν τῆς Βουλῆς ἀνεκοινώθη ἡ ὑποβολὴ ἐπερωτήσεως καὶ συνεζητήθησαν ὑπὸ τῶν βουλευτῶν διάφορα ζητήματα ἀφορῶντα εἰς τὴν ἀξιοποίησιν τοῦ δημοσίου οἰκοπέδου καὶ εἰς τὸν περιορισμὸν τῶν παιδικῶν ἐξοχῶν τῆς περιοχῆς.

ΑΙ ΓΑΛΛΙΚΑΙ ΠΛΗΡΟΦΟΡΙΑΙ

Ὁ κ. ὑπουργὸς ἀπαντῶν ἐδήλωσεν ὅτι ἡ κυβέρνησις μελετᾷ τὸ θέμα καὶ ὅτι θὰ ληφθοῦν τὰ ἐνδεδειγμένα μέτρα πρὸς ἐξυπηρέτησιν τοῦ δημοσίου συμφέροντος, ἐν συνεργασίᾳ μετὰ τῶν ἁρμοδίων ὑπηρεσιῶν τοῦ κράτους.

Ἐν συνεχείᾳ ὁ βουλευτὴς ἐτόνισεν ὅτι τὸ ζήτημα ἐκκρεμεῖ ἀπὸ μακροῦ χρόνου καὶ ὅτι ἡ καθυστέρησις ἐπιφέρει σοβαρὰν ζημίαν εἰς τὸ Δημόσιον, ζητήσας τὴν ταχεῖαν λύσιν αὐτοῦ.

Σύμφωνα μὲ τὰς πληροφορίας, αἱ συνομιλίαι θὰ συνεχισθοῦν κατὰ τὰς προσεχεῖς ἡμέρας, ὅπου ἀναμένεται νὰ ληφθοῦν σημαντικαὶ ἀποφάσεις ἐπὶ τῶν ἐκκρεμούντων θεμάτων μεταξὺ τῶν ἀντιπροσωπειῶν.

Οἱ παρατηρηταὶ ὑπογραμμίζουν ὅτι ἡ κατάστασις παραμένει ῥευστὴ καὶ ὅτι αἱ ἐξελίξεις θὰ ἐξαρτηθοῦν ἀπὸ τὴν στάσιν τῶν μεγάλων δυνάμεων εἰς τὴν διάσκεψιν.

ΔΙΕΥΚΡΙΝΙΣΕΙΣ ΤΟΥ κ. ΖΟΡΙΝ

Κατὰ τὴν σημερινὴν συνεδρίασιν τῆς Βουλῆς ἀνεκοινώθη ἡ ὑποβολὴ ἐπερωτήσεως καὶ συνεζητήθησαν ὑπὸ τῶν βουλευτῶν διάφορα ζητήματα ἀφορῶντα εἰς τὴν ἀξιοποίησιν τοῦ δημοσίου οἰκοπέδου καὶ εἰς τὸν περιορισμὸν τῶν παιδικῶν ἐξοχῶν τῆς περιοχῆς.

Ὁ κ. ὑπουργὸς ἀπαντῶν ἐδήλωσεν ὅτι ἡ κυβέρνησις μελετᾷ τὸ θέμα καὶ ὅτι θὰ ληφθοῦν τὰ ἐνδεδειγμένα μέτρα πρὸς ἐξυπηρέτησιν τοῦ δημοσίου συμφέροντος, ἐν συνεργασίᾳ μετὰ τῶν ἁρμοδίων ὑπηρεσιῶν τοῦ κράτους.

ΑΡΘΟΥΡ ΚΑΡΣΟΝ
ΕΑΝ ΔΕΝ ΕΠΕΛΘΗ ΠΡΟΟΔΟΣ

Ἐν συνεχείᾳ ὁ βουλευτὴς ἐτόνισεν ὅτι τὸ ζήτημα ἐκκρεμεῖ ἀπὸ μακροῦ χρόνου καὶ ὅτι ἡ καθυστέρησις ἐπιφέρει σοβαρὰν ζημίαν εἰς τὸ Δημόσιον, ζητήσας τὴν ταχεῖαν λύσιν αὐτοῦ.

Σύμφωνα μὲ τὰς πληροφορίας, αἱ συνομιλίαι θὰ συνεχισθοῦν κατὰ τὰς προσεχεῖς ἡμέρας, ὅπου ἀναμένεται νὰ ληφθοῦν σημαντικαὶ ἀποφάσεις ἐπὶ τῶν ἐκκρεμούντων θεμάτων μεταξὺ τῶν ἀντιπροσωπειῶν.

Οἱ παρατηρηταὶ ὑπογραμμίζουν ὅτι ἡ κατάστασις παραμένει ῥευστὴ καὶ ὅτι αἱ ἐξελίξεις θὰ ἐξαρτηθοῦν ἀπὸ τὴν στάσιν τῶν μεγάλων δυνάμεων εἰς τὴν διάσκεψιν.

Κατὰ τὴν σημερινὴν συνεδρίασιν τῆς Βουλῆς ἀνεκοινώθη ἡ ὑποβολὴ ἐπερωτήσεως καὶ συνεζητήθησαν ὑπὸ τῶν βουλευτῶν διάφορα ζητήματα ἀφορῶντα εἰς τὴν ἀξιοποίησιν τοῦ δημοσίου οἰκοπέδου καὶ εἰς τὸν περιορισμὸν τῶν παιδικῶν ἐξοχῶν τῆς περιοχῆς.

Ὁ κ. ὑπουργὸς ἀπαντῶν ἐδήλωσεν ὅτι ἡ κυβέρνησις μελετᾷ τὸ θέμα καὶ ὅτι θὰ ληφθοῦν τὰ ἐνδεδειγμένα μέτρα πρὸς ἐξυπηρέτησιν τοῦ δημοσίου συμφέροντος, ἐν συνεργασίᾳ μετὰ τῶν ἁρμοδίων ὑπηρεσιῶν τοῦ κράτους.

Ἐν συνεχείᾳ ὁ βουλευτὴς ἐτόνισεν ὅτι τὸ ζήτημα ἐκκρεμεῖ ἀπὸ μακροῦ χρόνου καὶ ὅτι ἡ καθυστέρησις ἐπιφέρει σοβαρὰν ζημίαν εἰς τὸ Δημόσιον, ζητήσας τὴν ταχεῖαν λύσιν αὐτοῦ.

Σύμφωνα μὲ τὰς πληροφορίας, αἱ συνομιλίαι θὰ συνεχισθοῦν κατὰ τὰς προσεχεῖς ἡμέρας, ὅπου ἀναμένεται νὰ ληφθοῦν σημαντικαὶ ἀποφάσεις ἐπὶ τῶν ἐκκρεμούντων θεμάτων μεταξὺ τῶν ἀντιπροσωπειῶν.

ΣΧΟΛΙΑ ΤΗΣ «ΠΡΑΒΔΑ»

Οἱ παρατηρηταὶ ὑπογραμμίζουν ὅτι ἡ κατάστασις παραμένει ῥευστὴ καὶ ὅτι αἱ ἐξελίξεις θὰ ἐξαρτηθοῦν ἀπὸ τὴν στάσιν τῶν μεγάλων δυνάμεων εἰς τὴν διάσκεψιν.

Κατὰ τὴν σημερινὴν συνεδρίασιν τῆς Βουλῆς ἀνεκοινώθη ἡ ὑποβολὴ ἐπερωτήσεως καὶ συνεζητήθησαν ὑπὸ τῶν βουλευτῶν διάφορα ζητήματα ἀφορῶντα εἰς τὴν ἀξιοποίησιν τοῦ δημοσίου οἰκοπέδου καὶ εἰς τὸν περιορισμὸν τῶν παιδικῶν ἐξοχῶν τῆς περιοχῆς.

Ὁ κ. ὑπουργὸς ἀπαντῶν ἐδήλωσεν ὅτι ἡ κυβέρνησις μελετᾷ τὸ θέμα καὶ ὅτι θὰ ληφθοῦν τὰ ἐνδεδειγμένα μέτρα πρὸς ἐξυπηρέτησιν τοῦ δημοσίου συμφέροντος, ἐν συνεργασίᾳ μετὰ τῶν ἁρμοδίων ὑπηρεσιῶν τοῦ κράτους.

Ἐν συνεχείᾳ ὁ βουλευτὴς ἐτόνισεν ὅτι τὸ ζήτημα ἐκκρεμεῖ ἀπὸ μακροῦ χρόνου καὶ ὅτι ἡ καθυστέρησις ἐπιφέρει σοβαρὰν ζημίαν εἰς τὸ Δημόσιον, ζητήσας τὴν ταχεῖαν λύσιν αὐτοῦ.

ΑΡΘΡΟΝ ΤΟΥ κ. ΕΡΡΕΝΜΠΟΥΡΓΚ

Σύμφωνα μὲ τὰς πληροφορίας, αἱ συνομιλίαι θὰ συνεχισθοῦν κατὰ τὰς προσεχεῖς ἡμέρας, ὅπου ἀναμένεται νὰ ληφθοῦν σημαντικαὶ ἀποφάσεις ἐπὶ τῶν ἐκκρεμούντων θεμάτων μεταξὺ τῶν ἀντιπροσωπειῶν.

Οἱ παρατηρηταὶ ὑπογραμμίζουν ὅτι ἡ κατάστασις παραμένει ῥευστὴ καὶ ὅτι αἱ ἐξελίξεις θὰ ἐξαρτηθοῦν ἀπὸ τὴν στάσιν τῶν μεγάλων δυνάμεων εἰς τὴν διάσκεψιν.

Κατὰ τὴν σημερινὴν συνεδρίασιν τῆς Βουλῆς ἀνεκοινώθη ἡ ὑποβολὴ ἐπερωτήσεως καὶ συνεζητήθησαν ὑπὸ τῶν βουλευτῶν διάφορα ζητήματα ἀφορῶντα εἰς τὴν ἀξιοποίησιν τοῦ δημοσίου οἰκοπέδου καὶ εἰς τὸν περιορισμὸν τῶν παιδικῶν ἐξοχῶν τῆς περιοχῆς.

Ὁ κ. ὑπουργὸς ἀπαντῶν ἐδήλωσεν ὅτι ἡ κυβέρνησις μελετᾷ τὸ θέμα καὶ ὅτι θὰ ληφθοῦν τὰ ἐνδεδειγμένα μέτρα πρὸς ἐξυπηρέτησιν τοῦ δημοσίου συμφέροντος, ἐν συνεργασίᾳ μετὰ τῶν ἁρμοδίων ὑπηρεσιῶν τοῦ κράτους.

Ἐν συνεχείᾳ ὁ βουλευτὴς ἐτόνισεν ὅτι τὸ ζήτημα ἐκκρεμεῖ ἀπὸ μακροῦ χρόνου καὶ ὅτι ἡ καθυστέρησις ἐπιφέρει σοβαρὰν ζημίαν εἰς τὸ Δημόσιον, ζητήσας τὴν ταχεῖαν λύσιν αὐτοῦ.

ΤΟ ΣΧΕΔΙΟΝ ΣΥΝΘΗΚΗΣ ΕΙΡΗΝΗΣ ΜΕΤΑ ΤΗΣ ΓΕΡΜΑΝΙΑΣ
ΤΟ ΥΠΟΒΛΗΘΕΝ ΥΠΟ ΤΟΥ ΓΚΡΟΜΙΚΟ ΕΙΣ ΤΗΝ ΔΙΑΣΚΕΨΙΝ

ΓΕΝΕΥΗ, 15. (Ἀσσ. Πρὲς). Σύμφωνα μὲ τὰς πληροφορίας, αἱ συνομιλίαι θὰ συνεχισθοῦν κατὰ τὰς προσεχεῖς ἡμέρας, ὅπου ἀναμένεται νὰ ληφθοῦν σημαντικαὶ ἀποφάσεις ἐπὶ τῶν ἐκκρεμούντων θεμάτων μεταξὺ τῶν ἀντιπροσωπειῶν.

Οἱ παρατηρηταὶ ὑπογραμμίζουν ὅτι ἡ κατάστασις παραμένει ῥευστὴ καὶ ὅτι αἱ ἐξελίξεις θὰ ἐξαρτηθοῦν ἀπὸ τὴν στάσιν τῶν μεγάλων δυνάμεων εἰς τὴν διάσκεψιν.

Κατὰ τὴν σημερινὴν συνεδρίασιν τῆς Βουλῆς ἀνεκοινώθη ἡ ὑποβολὴ ἐπερωτήσεως καὶ συνεζητήθησαν ὑπὸ τῶν βουλευτῶν διάφορα ζητήματα ἀφορῶντα εἰς τὴν ἀξιοποίησιν τοῦ δημοσίου οἰκοπέδου καὶ εἰς τὸν περιορισμὸν τῶν παιδικῶν ἐξοχῶν τῆς περιοχῆς.

Ὁ κ. ὑπουργὸς ἀπαντῶν ἐδήλωσεν ὅτι ἡ κυβέρνησις μελετᾷ τὸ θέμα καὶ ὅτι θὰ ληφθοῦν τὰ ἐνδεδειγμένα μέτρα πρὸς ἐξυπηρέτησιν τοῦ δημοσίου συμφέροντος, ἐν συνεργασίᾳ μετὰ τῶν ἁρμοδίων ὑπηρεσιῶν τοῦ κράτους.

ΚΕΦΑΛΑΙΟΝ Α'. ΠΟΛΙΤΙΚΑΙ ΚΑΙ ΕΔΑΦΙΚΑΙ ΔΙΑΤΑΞΕΙΣ

Ἐν συνεχείᾳ ὁ βουλευτὴς ἐτόνισεν ὅτι τὸ ζήτημα ἐκκρεμεῖ ἀπὸ μακροῦ χρόνου καὶ ὅτι ἡ καθυστέρησις ἐπιφέρει σοβαρὰν ζημίαν εἰς τὸ Δημόσιον, ζητήσας τὴν ταχεῖαν λύσιν αὐτοῦ.

Σύμφωνα μὲ τὰς πληροφορίας, αἱ συνομιλίαι θὰ συνεχισθοῦν κατὰ τὰς προσεχεῖς ἡμέρας, ὅπου ἀναμένεται νὰ ληφθοῦν σημαντικαὶ ἀποφάσεις ἐπὶ τῶν ἐκκρεμούντων θεμάτων μεταξὺ τῶν ἀντιπροσωπειῶν.

Οἱ παρατηρηταὶ ὑπογραμμίζουν ὅτι ἡ κατάστασις παραμένει ῥευστὴ καὶ ὅτι αἱ ἐξελίξεις θὰ ἐξαρτηθοῦν ἀπὸ τὴν στάσιν τῶν μεγάλων δυνάμεων εἰς τὴν διάσκεψιν.

ΚΕΦΑΛΑΙΟΝ Β'. ΣΤΡΑΤΙΩΤΙΚΑΙ ΔΙΑΤΑΞΕΙΣ

Κατὰ τὴν σημερινὴν συνεδρίασιν τῆς Βουλῆς ἀνεκοινώθη ἡ ὑποβολὴ ἐπερωτήσεως καὶ συνεζητήθησαν ὑπὸ τῶν βουλευτῶν διάφορα ζητήματα ἀφορῶντα εἰς τὴν ἀξιοποίησιν τοῦ δημοσίου οἰκοπέδου καὶ εἰς τὸν περιορισμὸν τῶν παιδικῶν ἐξοχῶν τῆς περιοχῆς.

Ὁ κ. ὑπουργὸς ἀπαντῶν ἐδήλωσεν ὅτι ἡ κυβέρνησις μελετᾷ τὸ θέμα καὶ ὅτι θὰ ληφθοῦν τὰ ἐνδεδειγμένα μέτρα πρὸς ἐξυπηρέτησιν τοῦ δημοσίου συμφέροντος, ἐν συνεργασίᾳ μετὰ τῶν ἁρμοδίων ὑπηρεσιῶν τοῦ κράτους.

ΚΕΦΑΛΑΙΟΝ Γ'. ΟΙΚΟΝΟΜΙΚΑΙ ΔΙΑΤΑΞΕΙΣ

Ἐν συνεχείᾳ ὁ βουλευτὴς ἐτόνισεν ὅτι τὸ ζήτημα ἐκκρεμεῖ ἀπὸ μακροῦ χρόνου καὶ ὅτι ἡ καθυστέρησις ἐπιφέρει σοβαρὰν ζημίαν εἰς τὸ Δημόσιον, ζητήσας τὴν ταχεῖαν λύσιν αὐτοῦ.

Σύμφωνα μὲ τὰς πληροφορίας, αἱ συνομιλίαι θὰ συνεχισθοῦν κατὰ τὰς προσεχεῖς ἡμέρας, ὅπου ἀναμένεται νὰ ληφθοῦν σημαντικαὶ ἀποφάσεις ἐπὶ τῶν ἐκκρεμούντων θεμάτων μεταξὺ τῶν ἀντιπροσωπειῶν.

ΚΕΦΑΛΑΙΟΝ Δ'. ΕΠΑΝΟΡΘΩΣΕΙΣ

Οἱ παρατηρηταὶ ὑπογραμμίζουν ὅτι ἡ κατάστασις παραμένει ῥευστὴ καὶ ὅτι αἱ ἐξελίξεις θὰ ἐξαρτηθοῦν ἀπὸ τὴν στάσιν τῶν μεγάλων δυνάμεων εἰς τὴν διάσκεψιν.

Κατὰ τὴν σημερινὴν συνεδρίασιν τῆς Βουλῆς ἀνεκοινώθη ἡ ὑποβολὴ ἐπερωτήσεως καὶ συνεζητήθησαν ὑπὸ τῶν βουλευτῶν διάφορα ζητήματα ἀφορῶντα εἰς τὴν ἀξιοποίησιν τοῦ δημοσίου οἰκοπέδου καὶ εἰς τὸν περιορισμὸν τῶν παιδικῶν ἐξοχῶν τῆς περιοχῆς.

ΚΕΦΑΛΑΙΟΝ Ε'. ΤΕΛΙΚΑΙ ΔΙΑΤΑΞΕΙΣ

Ὁ κ. ὑπουργὸς ἀπαντῶν ἐδήλωσεν ὅτι ἡ κυβέρνησις μελετᾷ τὸ θέμα καὶ ὅτι θὰ ληφθοῦν τὰ ἐνδεδειγμένα μέτρα πρὸς ἐξυπηρέτησιν τοῦ δημοσίου συμφέροντος, ἐν συνεργασίᾳ μετὰ τῶν ἁρμοδίων ὑπηρεσιῶν τοῦ κράτους.

Ἐν συνεχείᾳ ὁ βουλευτὴς ἐτόνισεν ὅτι τὸ ζήτημα ἐκκρεμεῖ ἀπὸ μακροῦ χρόνου καὶ ὅτι ἡ καθυστέρησις ἐπιφέρει σοβαρὰν ζημίαν εἰς τὸ Δημόσιον, ζητήσας τὴν ταχεῖαν λύσιν αὐτοῦ.

Σύμφωνα μὲ τὰς πληροφορίας, αἱ συνομιλίαι θὰ συνεχισθοῦν κατὰ τὰς προσεχεῖς ἡμέρας, ὅπου ἀναμένεται νὰ ληφθοῦν σημαντικαὶ ἀποφάσεις ἐπὶ τῶν ἐκκρεμούντων θεμάτων μεταξὺ τῶν ἀντιπροσωπειῶν.

ΑΠΕΡΓΙΑ ΞΥΛΟΥΡΓΩΝ ΕΞΕΔΗΛΩΘΗ
ΕΙΣ ΤΟ ΑΜΕΡΙΚΑΝΙΚΟΝ ΚΕΝΤΡΟΝ
ΔΟΚΙΜΩΝ ΠΥΡΑΥΛΩΝ ΚΑΝΑΒΕΡΑΛ

ΑΚΡΩΤΗΡΙΟΝ ΚΑΝΑΒΕΡΑΛ, 15. Κατὰ τὴν σημερινὴν συνεδρίασιν τῆς Βουλῆς ἀνεκοινώθη ἡ ὑποβολὴ ἐπερωτήσεως καὶ συνεζητήθησαν ὑπὸ τῶν βουλευτῶν διάφορα ζητήματα ἀφορῶντα εἰς τὴν ἀξιοποίησιν τοῦ δημοσίου οἰκοπέδου καὶ εἰς τὸν περιορισμὸν τῶν παιδικῶν ἐξοχῶν τῆς περιοχῆς.

Ὁ κ. ὑπουργὸς ἀπαντῶν ἐδήλωσεν ὅτι ἡ κυβέρνησις μελετᾷ τὸ θέμα καὶ ὅτι θὰ ληφθοῦν τὰ ἐνδεδειγμένα μέτρα πρὸς ἐξυπηρέτησιν τοῦ δημοσίου συμφέροντος, ἐν συνεργασίᾳ μετὰ τῶν ἁρμοδίων ὑπηρεσιῶν τοῦ κράτους.

Ἐν συνεχείᾳ ὁ βουλευτὴς ἐτόνισεν ὅτι τὸ ζήτημα ἐκκρεμεῖ ἀπὸ μακροῦ χρόνου καὶ ὅτι ἡ καθυστέρησις ἐπιφέρει σοβαρὰν ζημίαν εἰς τὸ Δημόσιον, ζητήσας τὴν ταχεῖαν λύσιν αὐτοῦ.

Σύμφωνα μὲ τὰς πληροφορίας, αἱ συνομιλίαι θὰ συνεχισθοῦν κατὰ τὰς προσεχεῖς ἡμέρας, ὅπου ἀναμένεται νὰ ληφθοῦν σημαντικαὶ ἀποφάσεις ἐπὶ τῶν ἐκκρεμούντων θεμάτων μεταξὺ τῶν ἀντιπροσωπειῶν.

Οἱ παρατηρηταὶ ὑπογραμμίζουν ὅτι ἡ κατάστασις παραμένει ῥευστὴ καὶ ὅτι αἱ ἐξελίξεις θὰ ἐξαρτηθοῦν ἀπὸ τὴν στάσιν τῶν μεγάλων δυνάμεων εἰς τὴν διάσκεψιν.

ΦΥΣΙΚΟΝ ΛΙΜΕΝΑ ΘΑ ΚΑΤΑΣΚΕΥΑΣΟΥΝ
ΟΙ ΑΜΕΡΙΚΑΝΟΙ ΕΙΣ ΤΗΝ ΑΛΑΣΚΑΝ
ΔΙ' ΕΚΡΗΞΕΩΣ 5 ΠΥΡΗΝΙΚΩΝ ΒΟΜΒΩΝ

ΑΓΙΟΣ ΦΡΑΓΚΙΣΚΟΣ, 15. Ἐν συνεχείᾳ ὁ βουλευτὴς ἐτόνισεν ὅτι τὸ ζήτημα ἐκκρεμεῖ ἀπὸ μακροῦ χρόνου καὶ ὅτι ἡ καθυστέρησις ἐπιφέρει σοβαρὰν ζημίαν εἰς τὸ Δημόσιον, ζητήσας τὴν ταχεῖαν λύσιν αὐτοῦ.

Σύμφωνα μὲ τὰς πληροφορίας, αἱ συνομιλίαι θὰ συνεχισθοῦν κατὰ τὰς προσεχεῖς ἡμέρας, ὅπου ἀναμένεται νὰ ληφθοῦν σημαντικαὶ ἀποφάσεις ἐπὶ τῶν ἐκκρεμούντων θεμάτων μεταξὺ τῶν ἀντιπροσωπειῶν.

Οἱ παρατηρηταὶ ὑπογραμμίζουν ὅτι ἡ κατάστασις παραμένει ῥευστὴ καὶ ὅτι αἱ ἐξελίξεις θὰ ἐξαρτηθοῦν ἀπὸ τὴν στάσιν τῶν μεγάλων δυνάμεων εἰς τὴν διάσκεψιν.

Κατὰ τὴν σημερινὴν συνεδρίασιν τῆς Βουλῆς ἀνεκοινώθη ἡ ὑποβολὴ ἐπερωτήσεως καὶ συνεζητήθησαν ὑπὸ τῶν βουλευτῶν διάφορα ζητήματα ἀφορῶντα εἰς τὴν ἀξιοποίησιν τοῦ δημοσίου οἰκοπέδου καὶ εἰς τὸν περιορισμὸν τῶν παιδικῶν ἐξοχῶν τῆς περιοχῆς.

ΝΕΑ ΕΠΕΙΣΟΔΙΑ ΕΙΣ ΤΗΝ ΤΟΥΡΚΙΚΗΝ ΒΟΥΛΗΝ
ΕΙΣ ΒΑΡΟΣ ΒΟΥΛΕΥΤΩΝ ΤΗΣ ΑΝΤΙΠΟΛΙΤΕΥΣΕΩΣ
ΑΓΡΙΟΙ ΞΥΛΟΔΑΡΜΟΙ ΕΝΤΟΣ ΤΗΣ ΑΙΘΟΥΣΗΣ
ΒΟΥΛΕΥΤΑΙ ΤΟΥ ΙΝΟΝΟΥ ΕΤΡΑΥΜΑΤΙΣΘΗΣΑΝ

ΑΓΚΥΡΑ, 15. (Ἀσσ. Πρὲς). Ὁ κ. ὑπουργὸς ἀπαντῶν ἐδήλωσεν ὅτι ἡ κυβέρνησις μελετᾷ τὸ θέμα καὶ ὅτι θὰ ληφθοῦν τὰ ἐνδεδειγμένα μέτρα πρὸς ἐξυπηρέτησιν τοῦ δημοσίου συμφέροντος, ἐν συνεργασίᾳ μετὰ τῶν ἁρμοδίων ὑπηρεσιῶν τοῦ κράτους.

Ἐν συνεχείᾳ ὁ βουλευτὴς ἐτόνισεν ὅτι τὸ ζήτημα ἐκκρεμεῖ ἀπὸ μακροῦ χρόνου καὶ ὅτι ἡ καθυστέρησις ἐπιφέρει σοβαρὰν ζημίαν εἰς τὸ Δημόσιον, ζητήσας τὴν ταχεῖαν λύσιν αὐτοῦ.

Σύμφωνα μὲ τὰς πληροφορίας, αἱ συνομιλίαι θὰ συνεχισθοῦν κατὰ τὰς προσεχεῖς ἡμέρας, ὅπου ἀναμένεται νὰ ληφθοῦν σημαντικαὶ ἀποφάσεις ἐπὶ τῶν ἐκκρεμούντων θεμάτων μεταξὺ τῶν ἀντιπροσωπειῶν.

Οἱ παρατηρηταὶ ὑπογραμμίζουν ὅτι ἡ κατάστασις παραμένει ῥευστὴ καὶ ὅτι αἱ ἐξελίξεις θὰ ἐξαρτηθοῦν ἀπὸ τὴν στάσιν τῶν μεγάλων δυνάμεων εἰς τὴν διάσκεψιν.

«Ο ΤΥΠΟΣ ΣΙΝ' ΕΛΕΥΘΕΡΟΣ»

ΑΓΚΥΡΑ, 15. (Ἀσσ. Πρὲς). Κατὰ τὴν σημερινὴν συνεδρίασιν τῆς Βουλῆς ἀνεκοινώθη ἡ ὑποβολὴ ἐπερωτήσεως καὶ συνεζητήθησαν ὑπὸ τῶν βουλευτῶν διάφορα ζητήματα ἀφορῶντα εἰς τὴν ἀξιοποίησιν τοῦ δημοσίου οἰκοπέδου καὶ εἰς τὸν περιορισμὸν τῶν παιδικῶν ἐξοχῶν τῆς περιοχῆς.

Ὁ κ. ὑπουργὸς ἀπαντῶν ἐδήλωσεν ὅτι ἡ κυβέρνησις μελετᾷ τὸ θέμα καὶ ὅτι θὰ ληφθοῦν τὰ ἐνδεδειγμένα μέτρα πρὸς ἐξυπηρέτησιν τοῦ δημοσίου συμφέροντος, ἐν συνεργασίᾳ μετὰ τῶν ἁρμοδίων ὑπηρεσιῶν τοῦ κράτους.

Ἐν συνεχείᾳ ὁ βουλευτὴς ἐτόνισεν ὅτι τὸ ζήτημα ἐκκρεμεῖ ἀπὸ μακροῦ χρόνου καὶ ὅτι ἡ καθυστέρησις ἐπιφέρει σοβαρὰν ζημίαν εἰς τὸ Δημόσιον, ζητήσας τὴν ταχεῖαν λύσιν αὐτοῦ.

Σύμφωνα μὲ τὰς πληροφορίας, αἱ συνομιλίαι θὰ συνεχισθοῦν κατὰ τὰς προσεχεῖς ἡμέρας, ὅπου ἀναμένεται νὰ ληφθοῦν σημαντικαὶ ἀποφάσεις ἐπὶ τῶν ἐκκρεμούντων θεμάτων μεταξὺ τῶν ἀντιπροσωπειῶν.
